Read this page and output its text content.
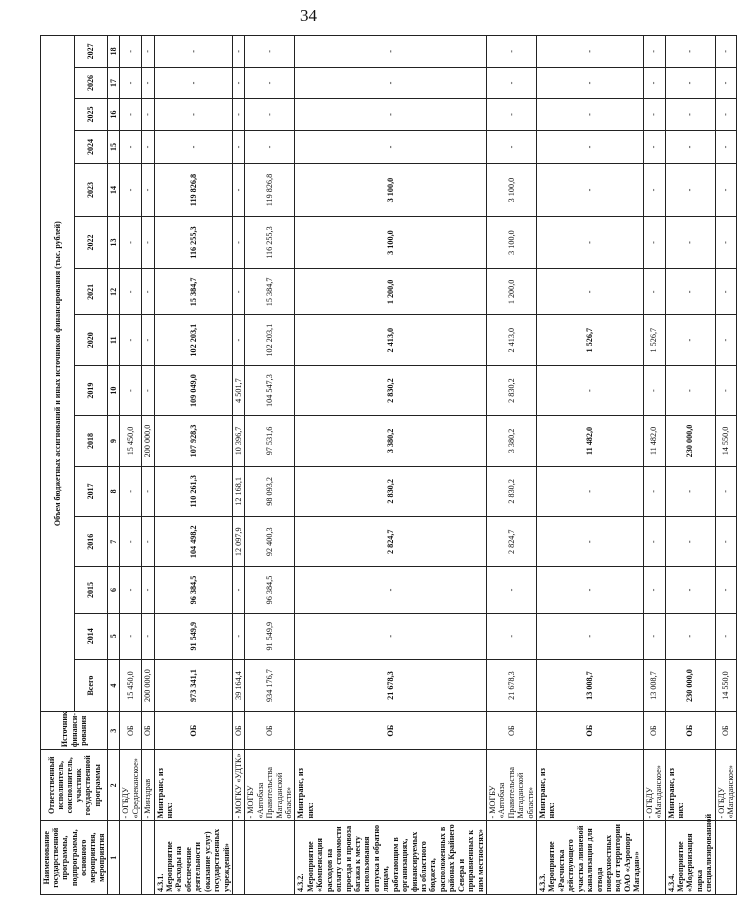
34
Наименование государственной программы, подпрограммы, основного мероприятия, мероприятия	Ответственный исполнитель, соисполнитель, участник государственной программы	Источник финанси-рования	Объем бюджетных ассигнований и иных источников финансирования (тыс. рублей)														
			Всего	2014	2015	2016	2017	2018	2019	2020	2021	2022	2023	2024	2025	2026	2027
1	2	3	4	5	6	7	8	9	10	11	12	13	14	15	16	17	18
	- ОГБДУ «Среднеканское»	ОБ	15 450,0	-	-	-	-	15 450,0	-	-	-	-	-	-	-	-	-
	- Минздрав	ОБ	200 000,0	-	-	-	-	200 000,0	-	-	-	-	-	-	-	-	-
4.3.1. Мероприятие «Расходы на обеспечение деятельности (оказание услуг) государственных учреждений»	Минтранс, из них:	ОБ	973 341,1	91 549,9	96 384,5	104 498,2	110 261,3	107 928,3	109 049,0	102 203,1	15 384,7	116 255,3	119 826,8	-	-	-	-
	- МОГКУ «УДТК»	ОБ	39 164,4	-	-	12 097,9	12 168,1	10 396,7	4 501,7	-	-	-	-	-	-	-	-
	- МОГБУ «Автобаза Правительства Магаданской области»	ОБ	934 176,7	91 549,9	96 384,5	92 400,3	98 093,2	97 531,6	104 547,3	102 203,1	15 384,7	116 255,3	119 826,8	-	-	-	-
4.3.2. Мероприятие «Компенсация расходов на оплату стоимости проезда и провоза багажа к месту использования отпуска и обратно лицам, работающим в организациях, финансируемых из областного бюджета, расположенных в районах Крайнего Севера и приравненных к ним местностях»	Минтранс, из них:	ОБ	21 678,3	-	-	2 824,7	2 830,2	3 380,2	2 830,2	2 413,0	1 200,0	3 100,0	3 100,0	-	-	-	-
	- МОГБУ «Автобаза Правительства Магаданской области»	ОБ	21 678,3	-	-	2 824,7	2 830,2	3 380,2	2 830,2	2 413,0	1 200,0	3 100,0	3 100,0	-	-	-	-
4.3.3. Мероприятие «Расчистка действующего участка ливневой канализации для отвода поверхностных вод от территории ОАО «Аэропорт Магадан»»	Минтранс, из них:	ОБ	13 008,7	-	-	-	-	11 482,0	-	1 526,7	-	-	-	-	-	-	-
	- ОГБДУ «Магаданское»	ОБ	13 008,7	-	-	-	-	11 482,0	-	1 526,7	-	-	-	-	-	-	-
4.3.4. Мероприятие «Модернизация парка специализированной	Минтранс, из них:	ОБ	230 000,0	-	-	-	-	230 000,0	-	-	-	-	-	-	-	-	-
	- ОГБДУ «Магаданское»	ОБ	14 550,0	-	-	-	-	14 550,0	-	-	-	-	-	-	-	-	-
